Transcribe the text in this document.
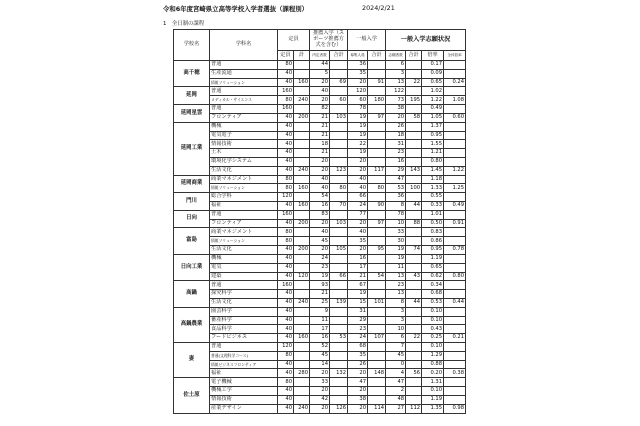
令和6年度宮崎県立高等学校入学者選抜（課程別）	2024/2/21
1　全日制の課程
学校名	学科名	定員		推薦入学（スポーツ推薦方式を含む）		一般入学		一般入学志願状況			
		定員	計	内定者数	合計	募集人員	合計	志願者数	合計	倍率	全体倍率
高千穂	普通	80		44		36		6		0.17	
	生産流通	40		5		35		3		0.09	
	情報ソリューション	40	160	20	69	20	91	13	22	0.65	0.24
延岡	普通	160		40		120		122		1.02	
	メディカル・サイエンス	80	240	20	60	60	180	73	195	1.22	1.08
延岡星雲	普通	160		82		78		38		0.49	
	フロンティア	40	200	21	103	19	97	20	58	1.05	0.60
延岡工業	機械	40		21		19		26		1.37	
	電気電子	40		21		19		18		0.95	
	情報技術	40		18		22		31		1.55	
	土木	40		21		19		23		1.21	
	環境化学システム	40		20		20		16		0.80	
	生活文化	40	240	20	123	20	117	29	143	1.45	1.22
延岡商業	商業マネジメント	80		40		40		47		1.18	
	情報ソリューション	80	160	40	80	40	80	53	100	1.33	1.25
門川	総合学科	120		54		66		36		0.55	
	福祉	40	160	16	70	24	90	8	44	0.33	0.49
日向	普通	160		83		77		78		1.01	
	フロンティア	40	200	20	103	20	97	10	88	0.50	0.91
富島	商業マネジメント	80		40		40		33		0.83	
	情報ソリューション	80		45		35		30		0.86	
	生活文化	40	200	20	105	20	95	19	74	0.95	0.78
日向工業	機械	40		24		16		19		1.19	
	電気	40		23		17		11		0.65	
	建築	40	120	19	66	21	54	13	43	0.62	0.80
高鍋	普通	160		93		67		23		0.34	
	探究科学	40		21		19		13		0.68	
	生活文化	40	240	25	139	15	101	8	44	0.53	0.44
高鍋農業	園芸科学	40		9		31		3		0.10	
	畜産科学	40		11		29		3		0.10	
	食品科学	40		17		23		10		0.43	
	フードビジネス	40	160	16	53	24	107	6	22	0.25	0.21
妻	普通	120		52		68		7		0.10	
	普通(文理科学コース)	80		45		35		45		1.29	
	情報ビジネスフロンティア	40		14		26		0		0.88	
	福祉	40	280	20	132	20	148	4	56	0.20	0.38
佐土原	電子機械	80		33		47		47		1.31	
	機械工学	40		20		20		2		0.10	
	情報技術	40		42		38		48		1.19	
	産業デザイン	40	240	20	126	20	114	27	112	1.35	0.98
